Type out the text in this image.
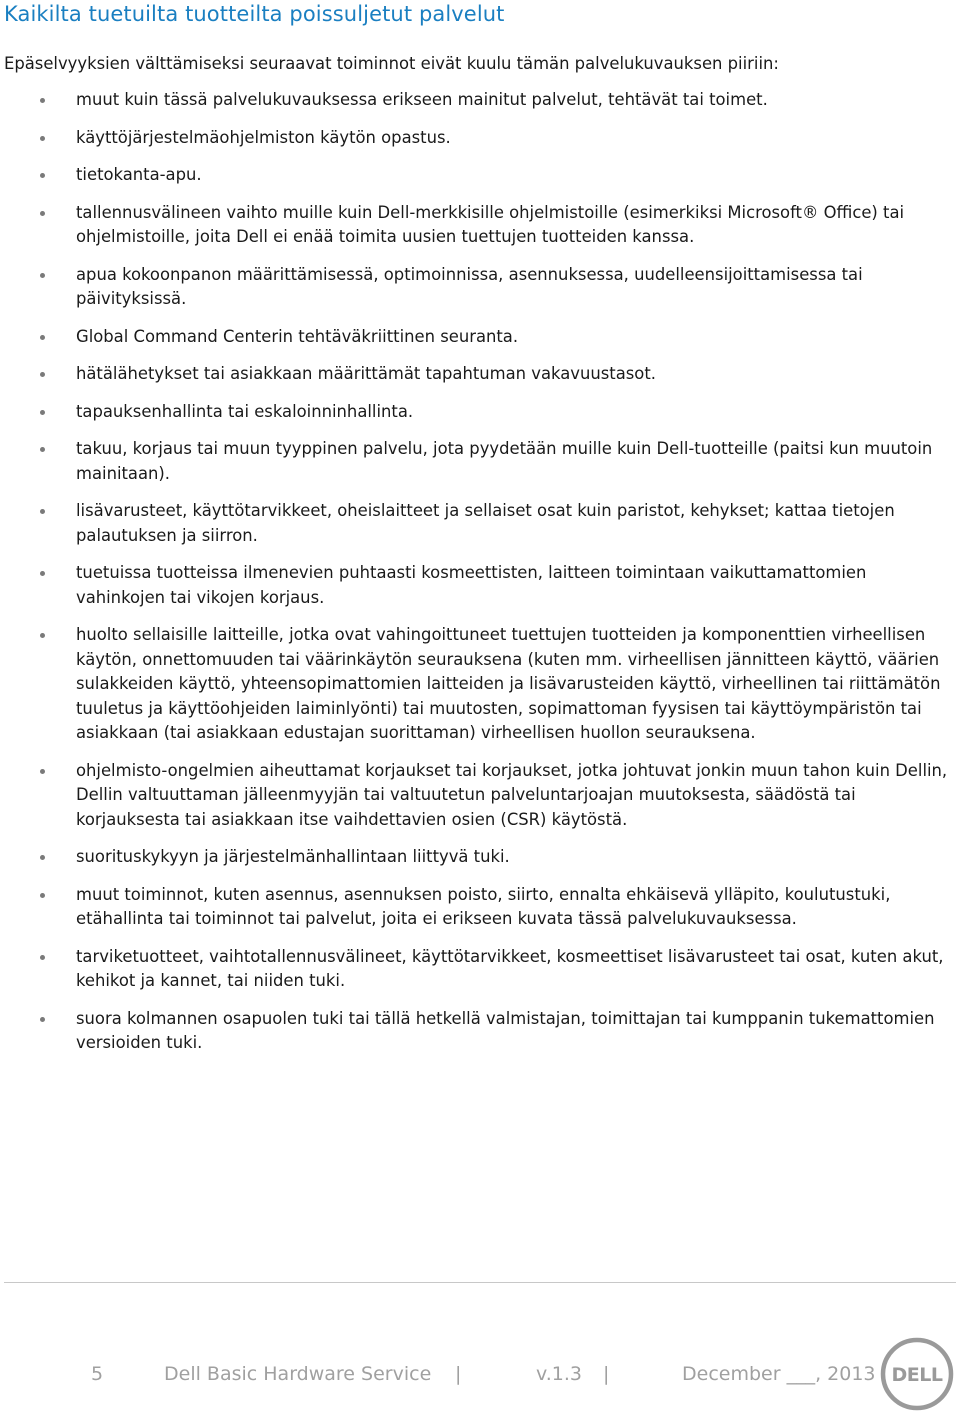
Kaikilta tuetuilta tuotteilta poissuljetut palvelut

Epäselvyyksien välttämiseksi seuraavat toiminnot eivät kuulu tämän palvelukuvauksen piiriin:

muut kuin tässä palvelukuvauksessa erikseen mainitut palvelut, tehtävät tai toimet.
käyttöjärjestelmäohjelmiston käytön opastus.
tietokanta-apu.
tallennusvälineen vaihto muille kuin Dell-merkkisille ohjelmistoille (esimerkiksi Microsoft® Office) tai ohjelmistoille, joita Dell ei enää toimita uusien tuettujen tuotteiden kanssa.
apua kokoonpanon määrittämisessä, optimoinnissa, asennuksessa, uudelleensijoittamisessa tai päivityksissä.
Global Command Centerin tehtäväkriittinen seuranta.
hätälähetykset tai asiakkaan määrittämät tapahtuman vakavuustasot.
tapauksenhallinta tai eskaloinninhallinta.
takuu, korjaus tai muun tyyppinen palvelu, jota pyydetään muille kuin Dell-tuotteille (paitsi kun muutoin mainitaan).
lisävarusteet, käyttötarvikkeet, oheislaitteet ja sellaiset osat kuin paristot, kehykset; kattaa tietojen palautuksen ja siirron.
tuetuissa tuotteissa ilmenevien puhtaasti kosmeettisten, laitteen toimintaan vaikuttamattomien vahinkojen tai vikojen korjaus.
huolto sellaisille laitteille, jotka ovat vahingoittuneet tuettujen tuotteiden ja komponenttien virheellisen käytön, onnettomuuden tai väärinkäytön seurauksena (kuten mm. virheellisen jännitteen käyttö, väärien sulakkeiden käyttö, yhteensopimattomien laitteiden ja lisävarusteiden käyttö, virheellinen tai riittämätön tuuletus ja käyttöohjeiden laiminlyönti) tai muutosten, sopimattoman fyysisen tai käyttöympäristön tai asiakkaan (tai asiakkaan edustajan suorittaman) virheellisen huollon seurauksena.
ohjelmisto-ongelmien aiheuttamat korjaukset tai korjaukset, jotka johtuvat jonkin muun tahon kuin Dellin, Dellin valtuuttaman jälleenmyyjän tai valtuutetun palveluntarjoajan muutoksesta, säädöstä tai korjauksesta tai asiakkaan itse vaihdettavien osien (CSR) käytöstä.
suorituskykyyn ja järjestelmänhallintaan liittyvä tuki.
muut toiminnot, kuten asennus, asennuksen poisto, siirto, ennalta ehkäisevä ylläpito, koulutustuki, etähallinta tai toiminnot tai palvelut, joita ei erikseen kuvata tässä palvelukuvauksessa.
tarviketuotteet, vaihtotallennusvälineet, käyttötarvikkeet, kosmeettiset lisävarusteet tai osat, kuten akut, kehikot ja kannet, tai niiden tuki.
suora kolmannen osapuolen tuki tai tällä hetkellä valmistajan, toimittajan tai kumppanin tukemattomien versioiden tuki.
5	Dell Basic Hardware Service |	v.1.3 |	December ___, 2013 DELL
